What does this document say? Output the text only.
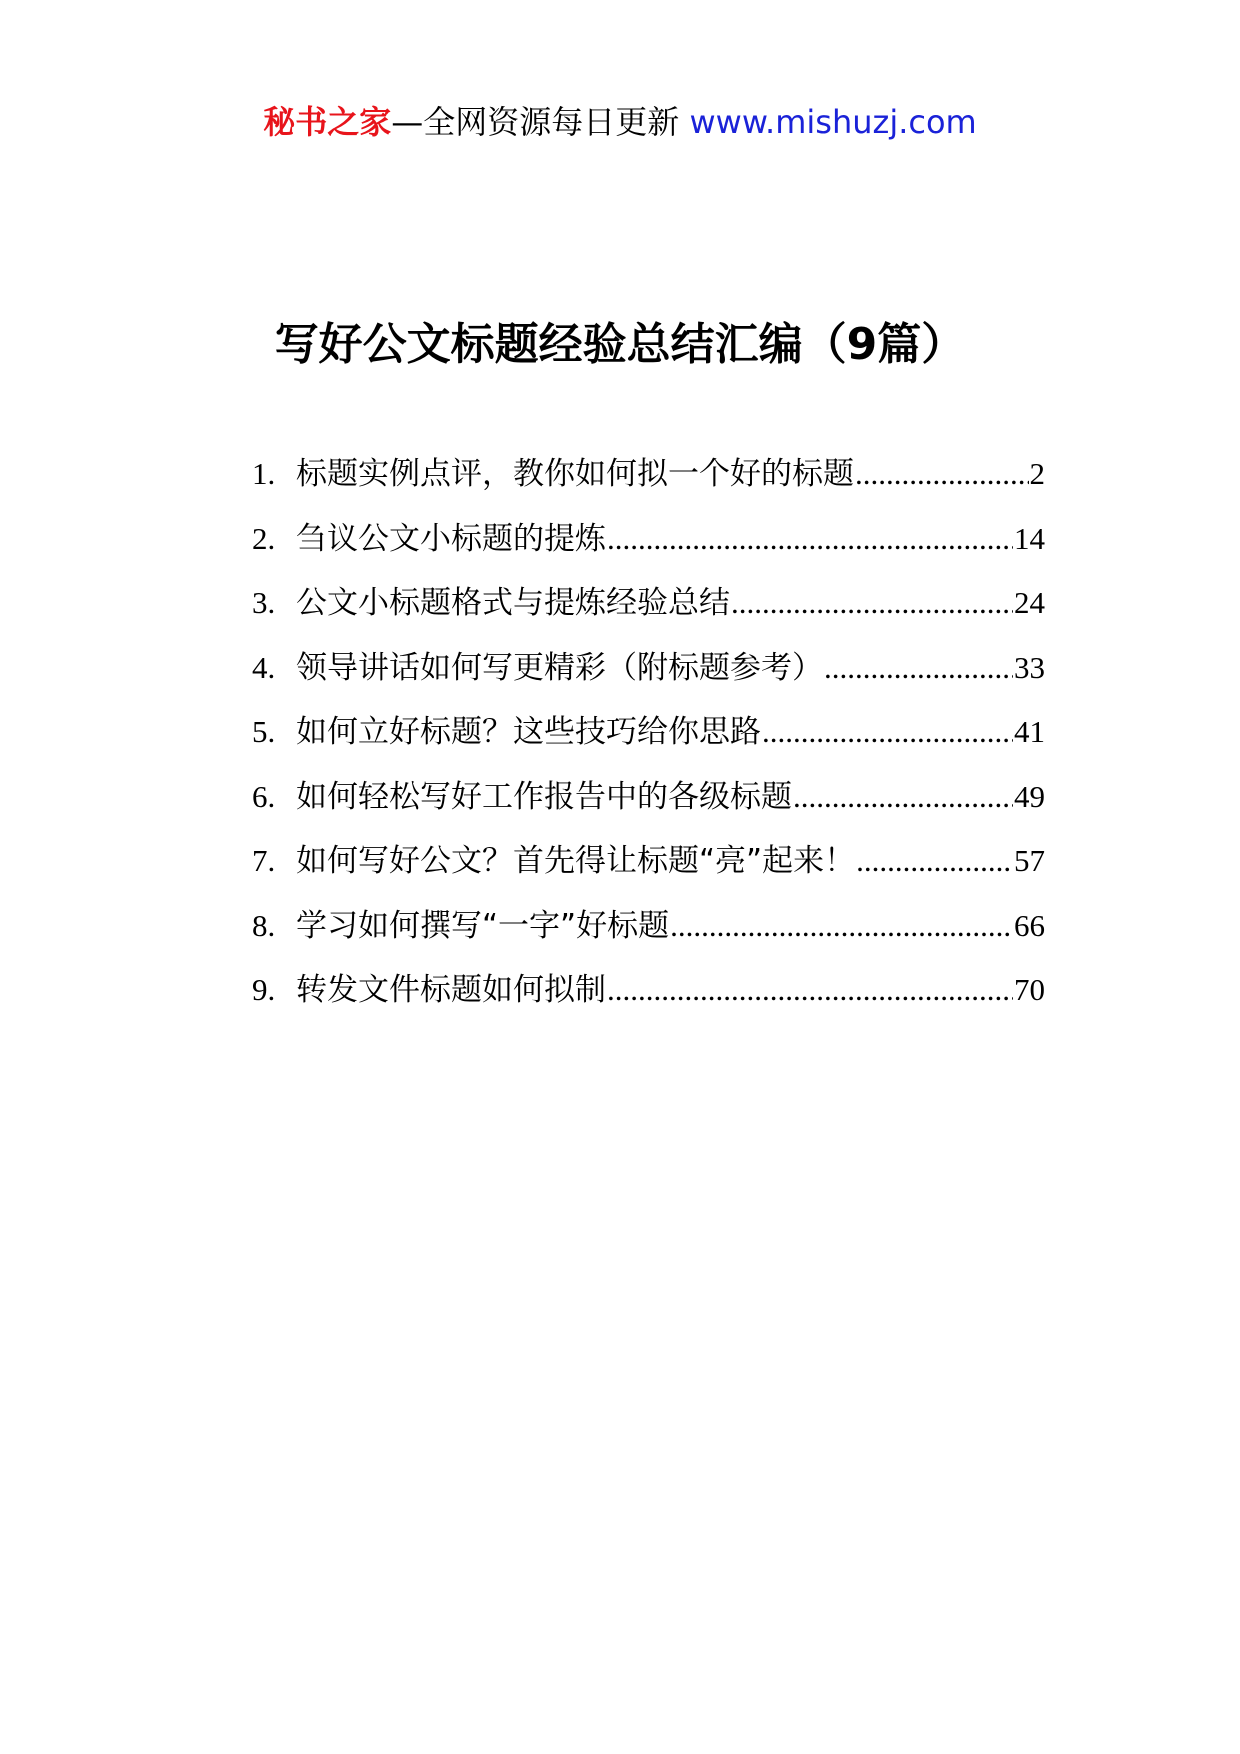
秘书之家—全网资源每日更新 www.mishuzj.com
写好公文标题经验总结汇编（9篇）
1. 标题实例点评，教你如何拟一个好的标题 .....	2
2. 刍议公文小标题的提炼 .....	14
3. 公文小标题格式与提炼经验总结 .....	24
4. 领导讲话如何写更精彩（附标题参考） .....	33
5. 如何立好标题？这些技巧给你思路 .....	41
6. 如何轻松写好工作报告中的各级标题 .....	49
7. 如何写好公文？首先得让标题“亮”起来！ .....	57
8. 学习如何撰写“一字”好标题 .....	66
9. 转发文件标题如何拟制 .....	70
